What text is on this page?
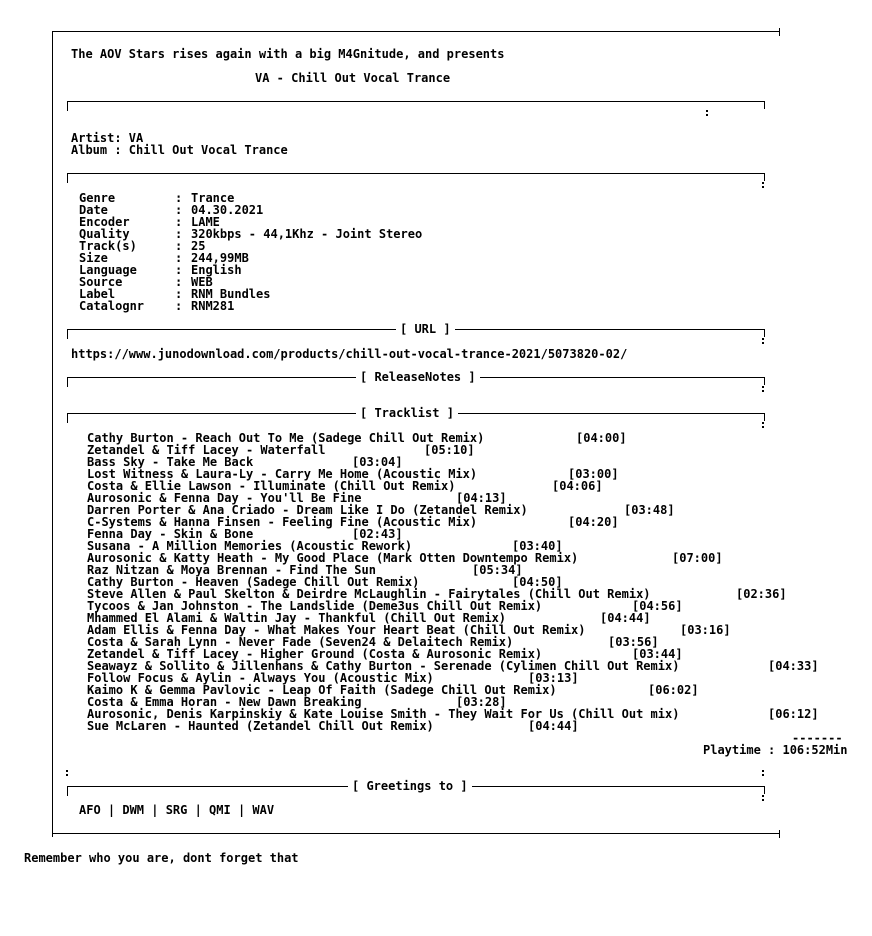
The AOV Stars rises again with a big M4Gnitude, and presents
VA - Chill Out Vocal Trance
Artist: VA
Album : Chill Out Vocal Trance
Genre	: Trance
Date	: 04.30.2021
Encoder	: LAME
Quality	: 320kbps - 44,1Khz - Joint Stereo
Track(s)	: 25
Size	: 244,99MB
Language	: English
Source	: WEB
Label	: RNM Bundles
Catalognr	: RNM281
[ URL ]
https://www.junodownload.com/products/chill-out-vocal-trance-2021/5073820-02/
[ ReleaseNotes ]
[ Tracklist ]
Cathy Burton - Reach Out To Me (Sadege Chill Out Remix)	[04:00]
Zetandel & Tiff Lacey - Waterfall	[05:10]
Bass Sky - Take Me Back	[03:04]
Lost Witness & Laura-Ly - Carry Me Home (Acoustic Mix)	[03:00]
Costa & Ellie Lawson - Illuminate (Chill Out Remix)	[04:06]
Aurosonic & Fenna Day - You'll Be Fine	[04:13]
Darren Porter & Ana Criado - Dream Like I Do (Zetandel Remix)	[03:48]
C-Systems & Hanna Finsen - Feeling Fine (Acoustic Mix)	[04:20]
Fenna Day - Skin & Bone	[02:43]
Susana - A Million Memories (Acoustic Rework)	[03:40]
Aurosonic & Katty Heath - My Good Place (Mark Otten Downtempo Remix)	[07:00]
Raz Nitzan & Moya Brennan - Find The Sun	[05:34]
Cathy Burton - Heaven (Sadege Chill Out Remix)	[04:50]
Steve Allen & Paul Skelton & Deirdre McLaughlin - Fairytales (Chill Out Remix)	[02:36]
Tycoos & Jan Johnston - The Landslide (Deme3us Chill Out Remix)	[04:56]
Mhammed El Alami & Waltin Jay - Thankful (Chill Out Remix)	[04:44]
Adam Ellis & Fenna Day - What Makes Your Heart Beat (Chill Out Remix)	[03:16]
Costa & Sarah Lynn - Never Fade (Seven24 & Delaitech Remix)	[03:56]
Zetandel & Tiff Lacey - Higher Ground (Costa & Aurosonic Remix)	[03:44]
Seawayz & Sollito & Jillenhans & Cathy Burton - Serenade (Cylimen Chill Out Remix)	[04:33]
Follow Focus & Aylin - Always You (Acoustic Mix)	[03:13]
Kaimo K & Gemma Pavlovic - Leap Of Faith (Sadege Chill Out Remix)	[06:02]
Costa & Emma Horan - New Dawn Breaking	[03:28]
Aurosonic, Denis Karpinskiy & Kate Louise Smith - They Wait For Us (Chill Out mix)	[06:12]
Sue McLaren - Haunted (Zetandel Chill Out Remix)	[04:44]
-------
Playtime : 106:52Min
[ Greetings to ]
AFO | DWM | SRG | QMI | WAV
Remember who you are, dont forget that
